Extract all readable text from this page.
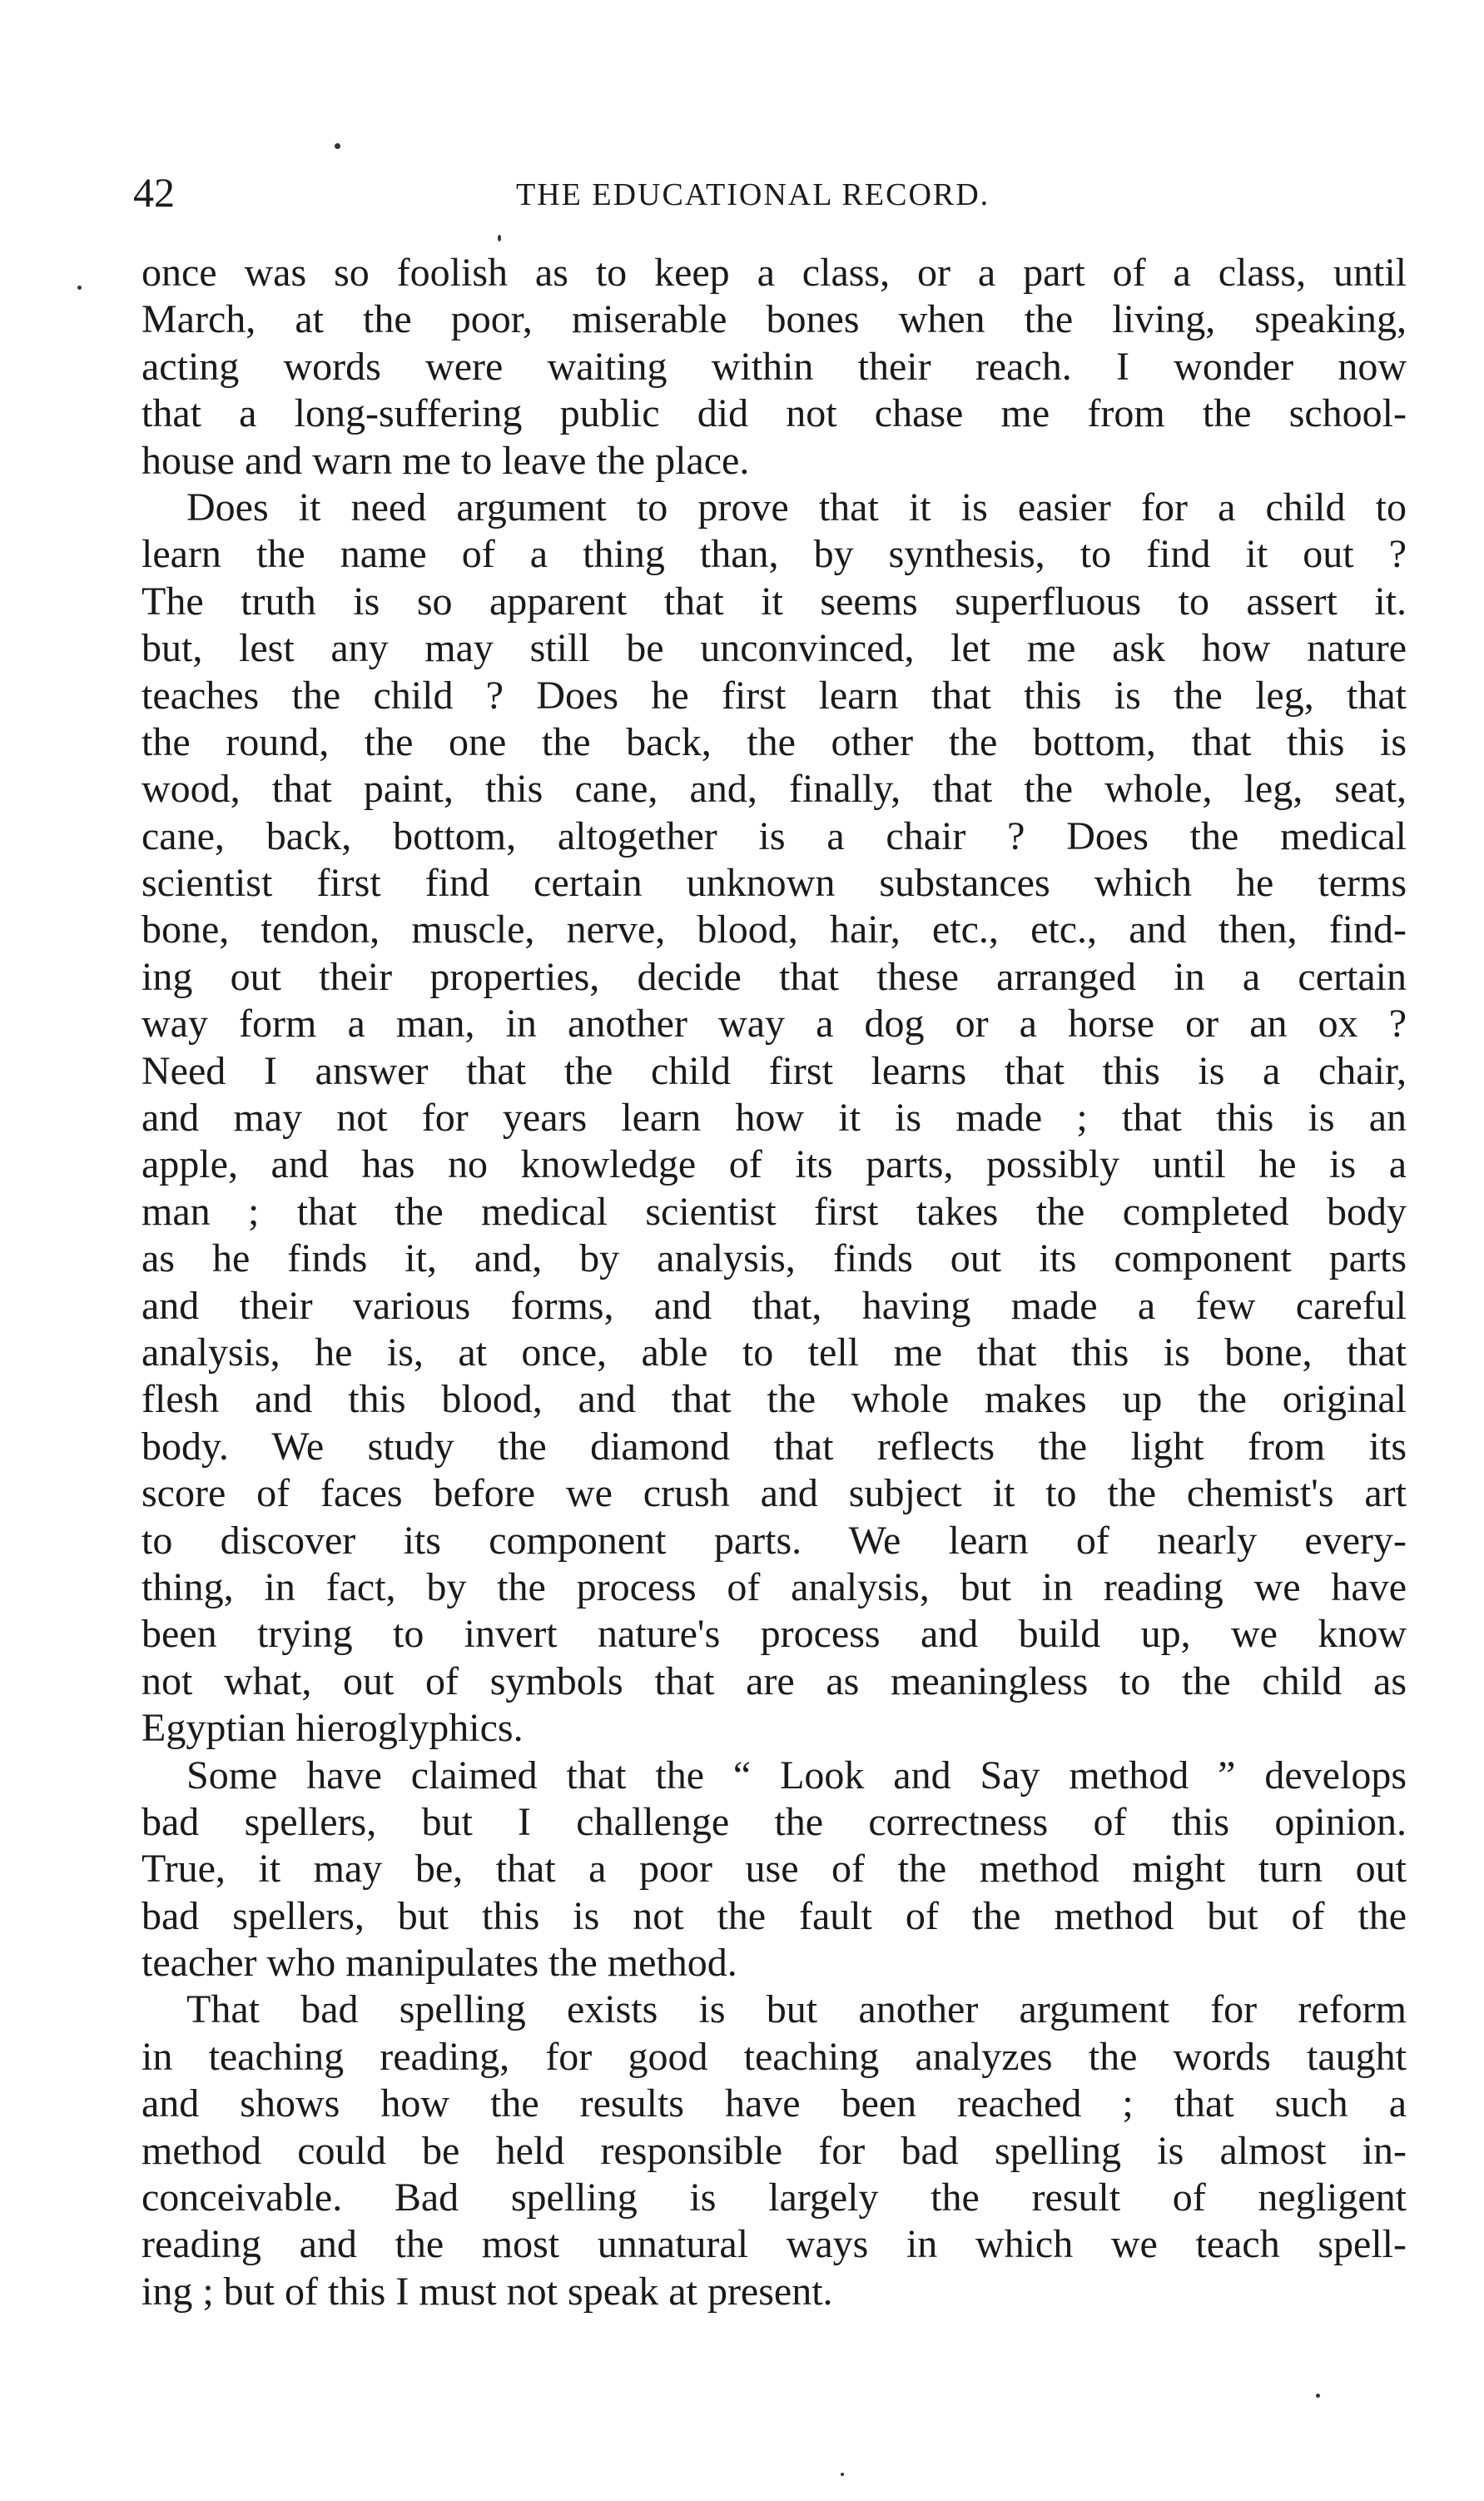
42	THE EDUCATIONAL RECORD.

once was so foolish as to keep a class, or a part of a class, until
March, at the poor, miserable bones when the living, speaking,
acting words were waiting within their reach. I wonder now
that a long-suffering public did not chase me from the school-
house and warn me to leave the place.

Does it need argument to prove that it is easier for a child to
learn the name of a thing than, by synthesis, to find it out ?
The truth is so apparent that it seems superfluous to assert it.
but, lest any may still be unconvinced, let me ask how nature
teaches the child ? Does he first learn that this is the leg, that
the round, the one the back, the other the bottom, that this is
wood, that paint, this cane, and, finally, that the whole, leg, seat,
cane, back, bottom, altogether is a chair ? Does the medical
scientist first find certain unknown substances which he terms
bone, tendon, muscle, nerve, blood, hair, etc., etc., and then, find-
ing out their properties, decide that these arranged in a certain
way form a man, in another way a dog or a horse or an ox ?
Need I answer that the child first learns that this is a chair,
and may not for years learn how it is made ; that this is an
apple, and has no knowledge of its parts, possibly until he is a
man ; that the medical scientist first takes the completed body
as he finds it, and, by analysis, finds out its component parts
and their various forms, and that, having made a few careful
analysis, he is, at once, able to tell me that this is bone, that
flesh and this blood, and that the whole makes up the original
body. We study the diamond that reflects the light from its
score of faces before we crush and subject it to the chemist's art
to discover its component parts. We learn of nearly every-
thing, in fact, by the process of analysis, but in reading we have
been trying to invert nature's process and build up, we know
not what, out of symbols that are as meaningless to the child as
Egyptian hieroglyphics.

Some have claimed that the “ Look and Say method ” develops
bad spellers, but I challenge the correctness of this opinion.
True, it may be, that a poor use of the method might turn out
bad spellers, but this is not the fault of the method but of the
teacher who manipulates the method.

That bad spelling exists is but another argument for reform
in teaching reading, for good teaching analyzes the words taught
and shows how the results have been reached ; that such a
method could be held responsible for bad spelling is almost in-
conceivable. Bad spelling is largely the result of negligent
reading and the most unnatural ways in which we teach spell-
ing ; but of this I must not speak at present.
